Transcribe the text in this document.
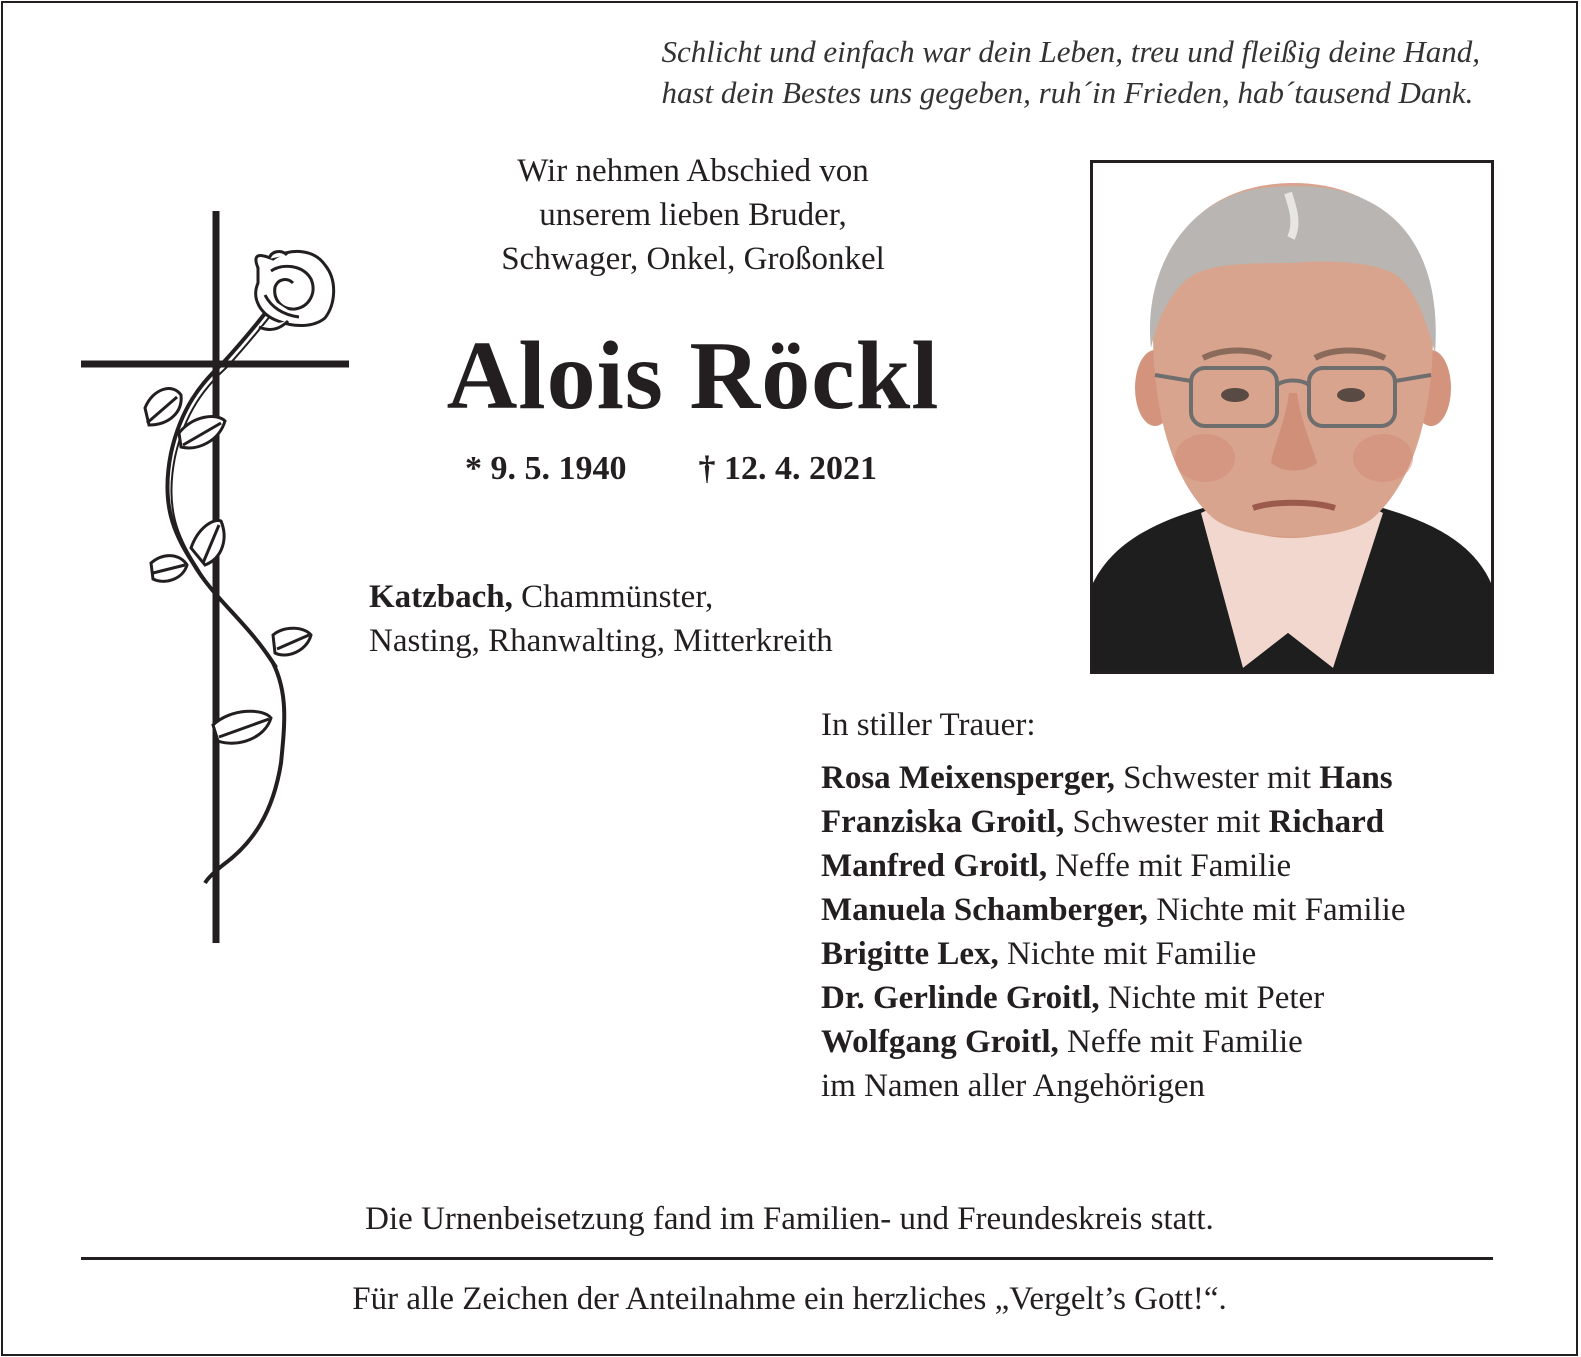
Schlicht und einfach war dein Leben, treu und fleißig deine Hand,
hast dein Bestes uns gegeben, ruh´in Frieden, hab´tausend Dank.
Wir nehmen Abschied von
unserem lieben Bruder,
Schwager, Onkel, Großonkel
Alois Röckl
* 9. 5. 1940 † 12. 4. 2021
Katzbach, Chammünster,
Nasting, Rhanwalting, Mitterkreith
In stiller Trauer:
Rosa Meixensperger, Schwester mit Hans
Franziska Groitl, Schwester mit Richard
Manfred Groitl, Neffe mit Familie
Manuela Schamberger, Nichte mit Familie
Brigitte Lex, Nichte mit Familie
Dr. Gerlinde Groitl, Nichte mit Peter
Wolfgang Groitl, Neffe mit Familie
im Namen aller Angehörigen
Die Urnenbeisetzung fand im Familien- und Freundeskreis statt.
Für alle Zeichen der Anteilnahme ein herzliches „Vergelt’s Gott!“.
